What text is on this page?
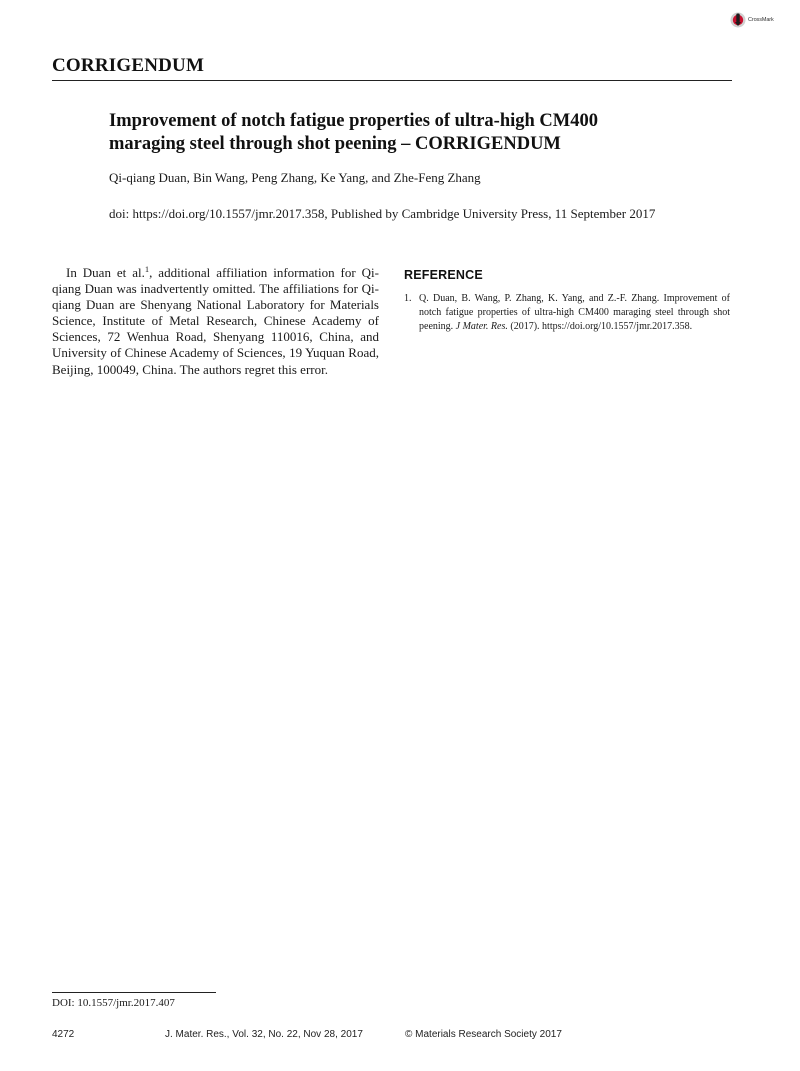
CrossMark
CORRIGENDUM
Improvement of notch fatigue properties of ultra-high CM400 maraging steel through shot peening – CORRIGENDUM

Qi-qiang Duan, Bin Wang, Peng Zhang, Ke Yang, and Zhe-Feng Zhang

doi: https://doi.org/10.1557/jmr.2017.358, Published by Cambridge University Press, 11 September 2017

In Duan et al.$^1$, additional affiliation information for Qi-qiang Duan was inadvertently omitted. The affiliations for Qi-qiang Duan are Shenyang National Laboratory for Materials Science, Institute of Metal Research, Chinese Academy of Sciences, 72 Wenhua Road, Shenyang 110016, China, and University of Chinese Academy of Sciences, 19 Yuquan Road, Beijing, 100049, China. The authors regret this error.

REFERENCE
1. Q. Duan, B. Wang, P. Zhang, K. Yang, and Z.-F. Zhang. Improvement of notch fatigue properties of ultra-high CM400 maraging steel through shot peening. J Mater. Res. (2017). https://doi.org/10.1557/jmr.2017.358.

DOI: 10.1557/jmr.2017.407

4272	J. Mater. Res., Vol. 32, No. 22, Nov 28, 2017	© Materials Research Society 2017
